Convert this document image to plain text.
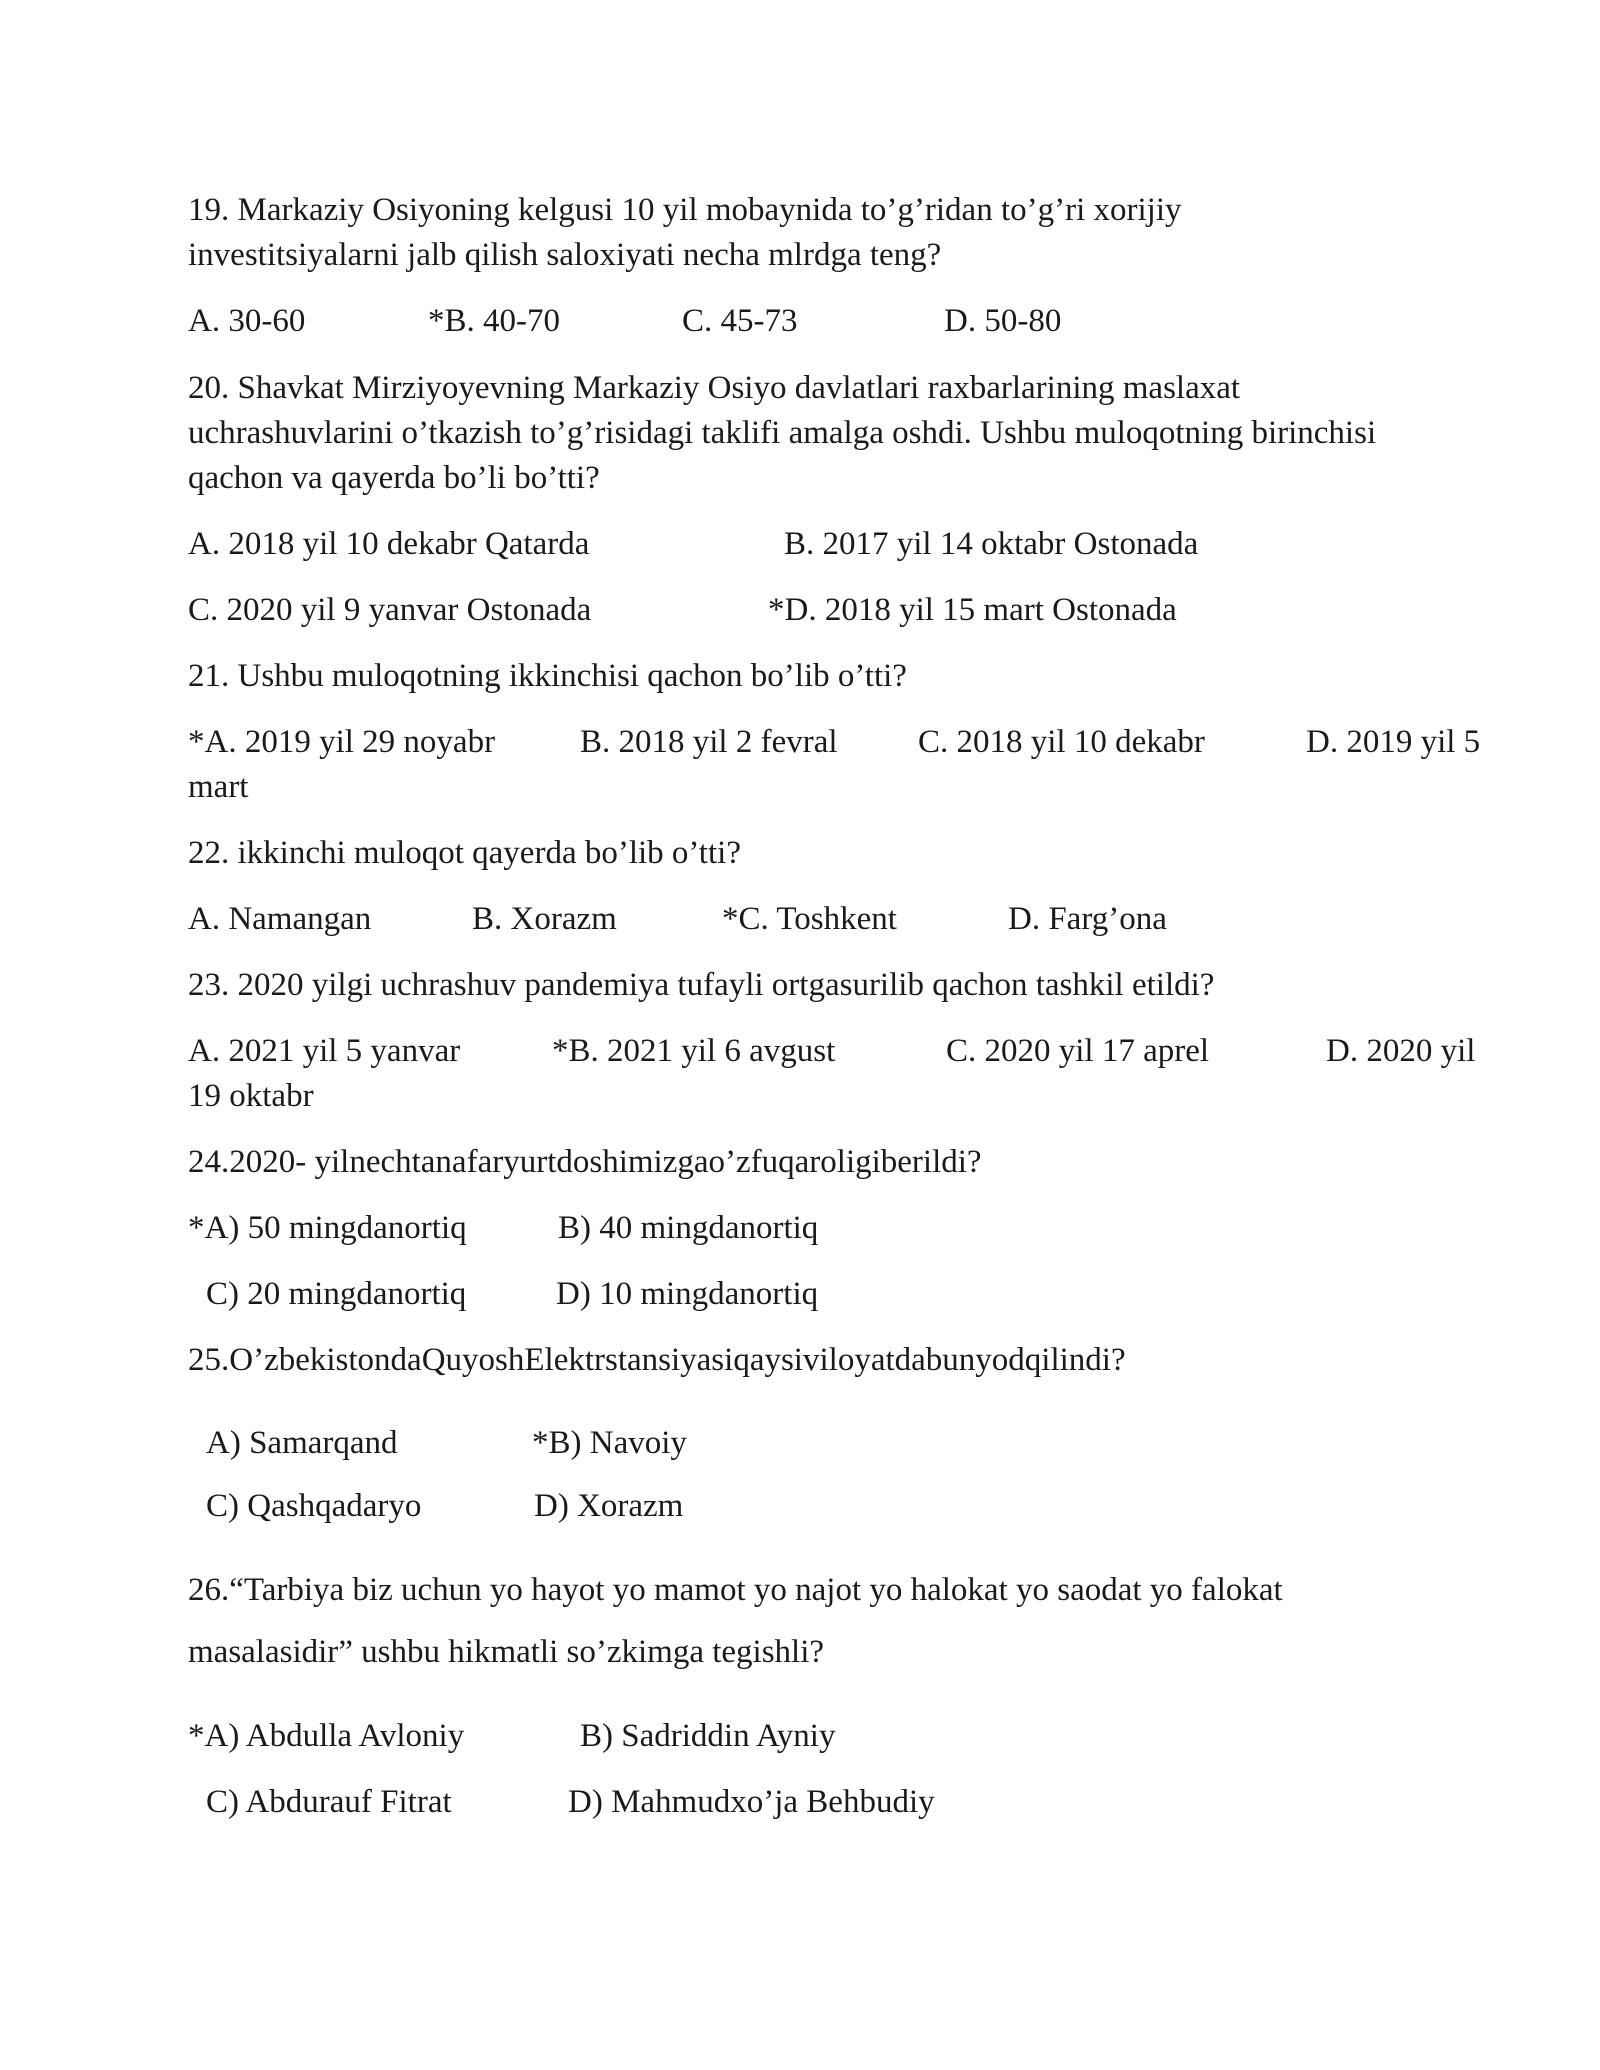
19. Markaziy Osiyoning kelgusi 10 yil mobaynida to’g’ridan to’g’ri xorijiy
investitsiyalarni jalb qilish saloxiyati necha mlrdga teng?
A. 30-60	*B. 40-70	C. 45-73	D. 50-80
20. Shavkat Mirziyoyevning Markaziy Osiyo davlatlari raxbarlarining maslaxat
uchrashuvlarini o’tkazish to’g’risidagi taklifi amalga oshdi. Ushbu muloqotning birinchisi
qachon va qayerda bo’li bo’tti?
A. 2018 yil 10 dekabr Qatarda	B. 2017 yil 14 oktabr Ostonada
C. 2020 yil 9 yanvar Ostonada	*D. 2018 yil 15 mart Ostonada
21. Ushbu muloqotning ikkinchisi qachon bo’lib o’tti?
*A. 2019 yil 29 noyabr	B. 2018 yil 2 fevral C. 2018 yil 10 dekabr	D. 2019 yil 5
mart
22. ikkinchi muloqot qayerda bo’lib o’tti?
A. Namangan	B. Xorazm	*C. Toshkent	D. Farg’ona
23. 2020 yilgi uchrashuv pandemiya tufayli ortgasurilib qachon tashkil etildi?
A. 2021 yil 5 yanvar	*B. 2021 yil 6 avgust	C. 2020 yil 17 aprel	D. 2020 yil
19 oktabr
24.2020- yilnechtanafaryurtdoshimizgao’zfuqaroligiberildi?
*A) 50 mingdanortiq	B) 40 mingdanortiq
C) 20 mingdanortiq	D) 10 mingdanortiq
25.O’zbekistondaQuyoshElektrstansiyasiqaysiviloyatdabunyodqilindi?
A) Samarqand	*B) Navoiy
C) Qashqadaryo	D) Xorazm
26.“Tarbiya biz uchun yo hayot yo mamot yo najot yo halokat yo saodat yo falokat
masalasidir” ushbu hikmatli so’zkimga tegishli?
*A) Abdulla Avloniy	B) Sadriddin Ayniy
C) Abdurauf Fitrat	D) Mahmudxo’ja Behbudiy
